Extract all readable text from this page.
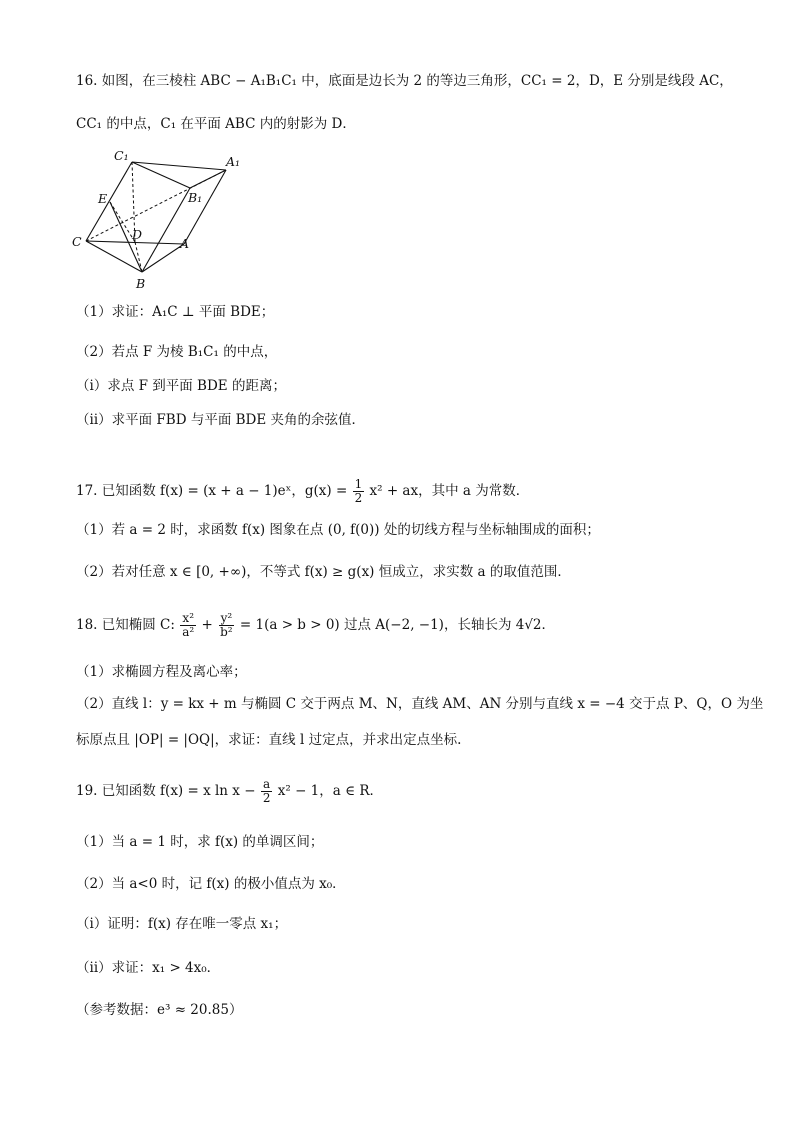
16. 如图，在三棱柱 ABC − A₁B₁C₁ 中，底面是边长为 2 的等边三角形，CC₁ = 2，D，E 分别是线段 AC，
CC₁ 的中点，C₁ 在平面 ABC 内的射影为 D．
C₁	A₁
E	B₁
C	D
A
B
（1）求证：A₁C ⊥ 平面 BDE；
（2）若点 F 为棱 B₁C₁ 的中点，
（ⅰ）求点 F 到平面 BDE 的距离；
（ⅱ）求平面 FBD 与平面 BDE 夹角的余弦值．
17. 已知函数 f(x) = (x + a − 1)eˣ，$g(x) = \frac{1}{2} x^2$ + ax，其中 a 为常数．
（1）若 a = 2 时，求函数 f(x) 图象在点 (0, f(0)) 处的切线方程与坐标轴围成的面积；
（2）若对任意 x ∈ [0, +∞)，不等式 f(x) ≥ g(x) 恒成立，求实数 a 的取值范围．
18. 已知椭圆 C: $\frac{\text{x²}}{\text{a²}} + \frac{\text{y²}}{\text{b²}} = 1(a > b > 0)$ 过点 A(−2, −1)，长轴长为 4√2．
（1）求椭圆方程及离心率；
（2）直线 l：y = kx + m 与椭圆 C 交于两点 M、N，直线 AM、AN 分别与直线 x = −4 交于点 P、Q，O 为坐
标原点且 |OP| = |OQ|，求证：直线 l 过定点，并求出定点坐标.
19. 已知函数 f(x) = x $\ln x - \frac{a}{2} x^2 - 1$，a ∈ R．
（1）当 a = 1 时，求 f(x) 的单调区间；
（2）当 a<0 时，记 f(x) 的极小值点为 x₀．
（ⅰ）证明：f(x) 存在唯一零点 x₁；
（ⅱ）求证：x₁ > 4x₀．
（参考数据：e³ ≈ 20.85）
